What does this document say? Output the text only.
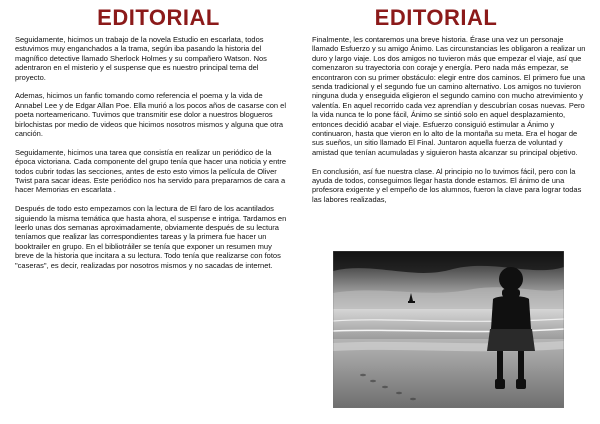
EDITORIAL

Seguidamente, hicimos un trabajo de la novela Estudio en escarlata, todos estuvimos muy enganchados a la trama, según iba pasando la historia del magnífico detective llamado Sherlock Holmes y su compañero Watson. Nos adentraron en el misterio y el suspense que es nuestro principal tema del proyecto.

Ademas, hicimos un fanfic tomando como referencia el poema y la vida de Annabel Lee y de Edgar Allan Poe. Ella murió a los pocos años de casarse con el poeta norteamericano. Tuvimos que transmitir ese dolor a nuestros blogueros birlochistas por medio de videos que hicimos nosotros mismos y alguna que otra canción.

Seguidamente, hicimos una tarea que consistía en realizar un periódico de la época victoriana. Cada componente del grupo tenía que hacer una noticia y entre todos cubrir todas las secciones, antes de esto esto vimos la película de Oliver Twist para sacar ideas. Este periódico nos ha servido para prepararnos de cara a hacer Memorias en escarlata .

Después de todo esto empezamos con la lectura de El faro de los acantilados siguiendo la misma temática que hasta ahora, el suspense e intriga. Tardamos en leerlo unas dos semanas aproximadamente, obviamente después de su lectura teníamos que realizar las correspondientes tareas y la primera fue hacer un booktrailer en grupo. En el bibliotráiler se tenía que exponer un resumen muy breve de la historia que incitara a su lectura. Todo tenía que realizarse con fotos "caseras", es decir, realizadas por nosotros mismos y no sacadas de internet.

EDITORIAL

Finalmente, les contaremos una breve historia. Érase una vez un personaje llamado Esfuerzo y su amigo Ánimo. Las circunstancias les obligaron a realizar un duro y largo viaje. Los dos amigos no tuvieron más que empezar el viaje, así que comenzaron su trayectoria con coraje y energía. Pero nada más empezar, se encontraron con su primer obstáculo: elegir entre dos caminos. El primero fue una senda tradicional y el segundo fue un camino alternativo. Los amigos no tuvieron ninguna duda y enseguida eligieron el segundo camino con mucho atrevimiento y valentía. En aquel recorrido cada vez aprendían y descubrían cosas nuevas. Pero la vida nunca te lo pone fácil, Ánimo se sintió solo en aquel desplazamiento, entonces decidió acabar el viaje. Esfuerzo consiguió estimular a Ánimo y continuaron, hasta que vieron en lo alto de la montaña su meta. Era el hogar de sus sueños, un sitio llamado El Final. Juntaron aquella fuerza de voluntad y amistad que tenían acumuladas y siguieron hasta alcanzar su principal objetivo.

En conclusión, así fue nuestra clase. Al principio no lo tuvimos fácil, pero con la ayuda de todos, conseguimos llegar hasta donde estamos. El ánimo de una profesora exigente y el empeño de los alumnos, fueron la clave para lograr todas las labores realizadas,
